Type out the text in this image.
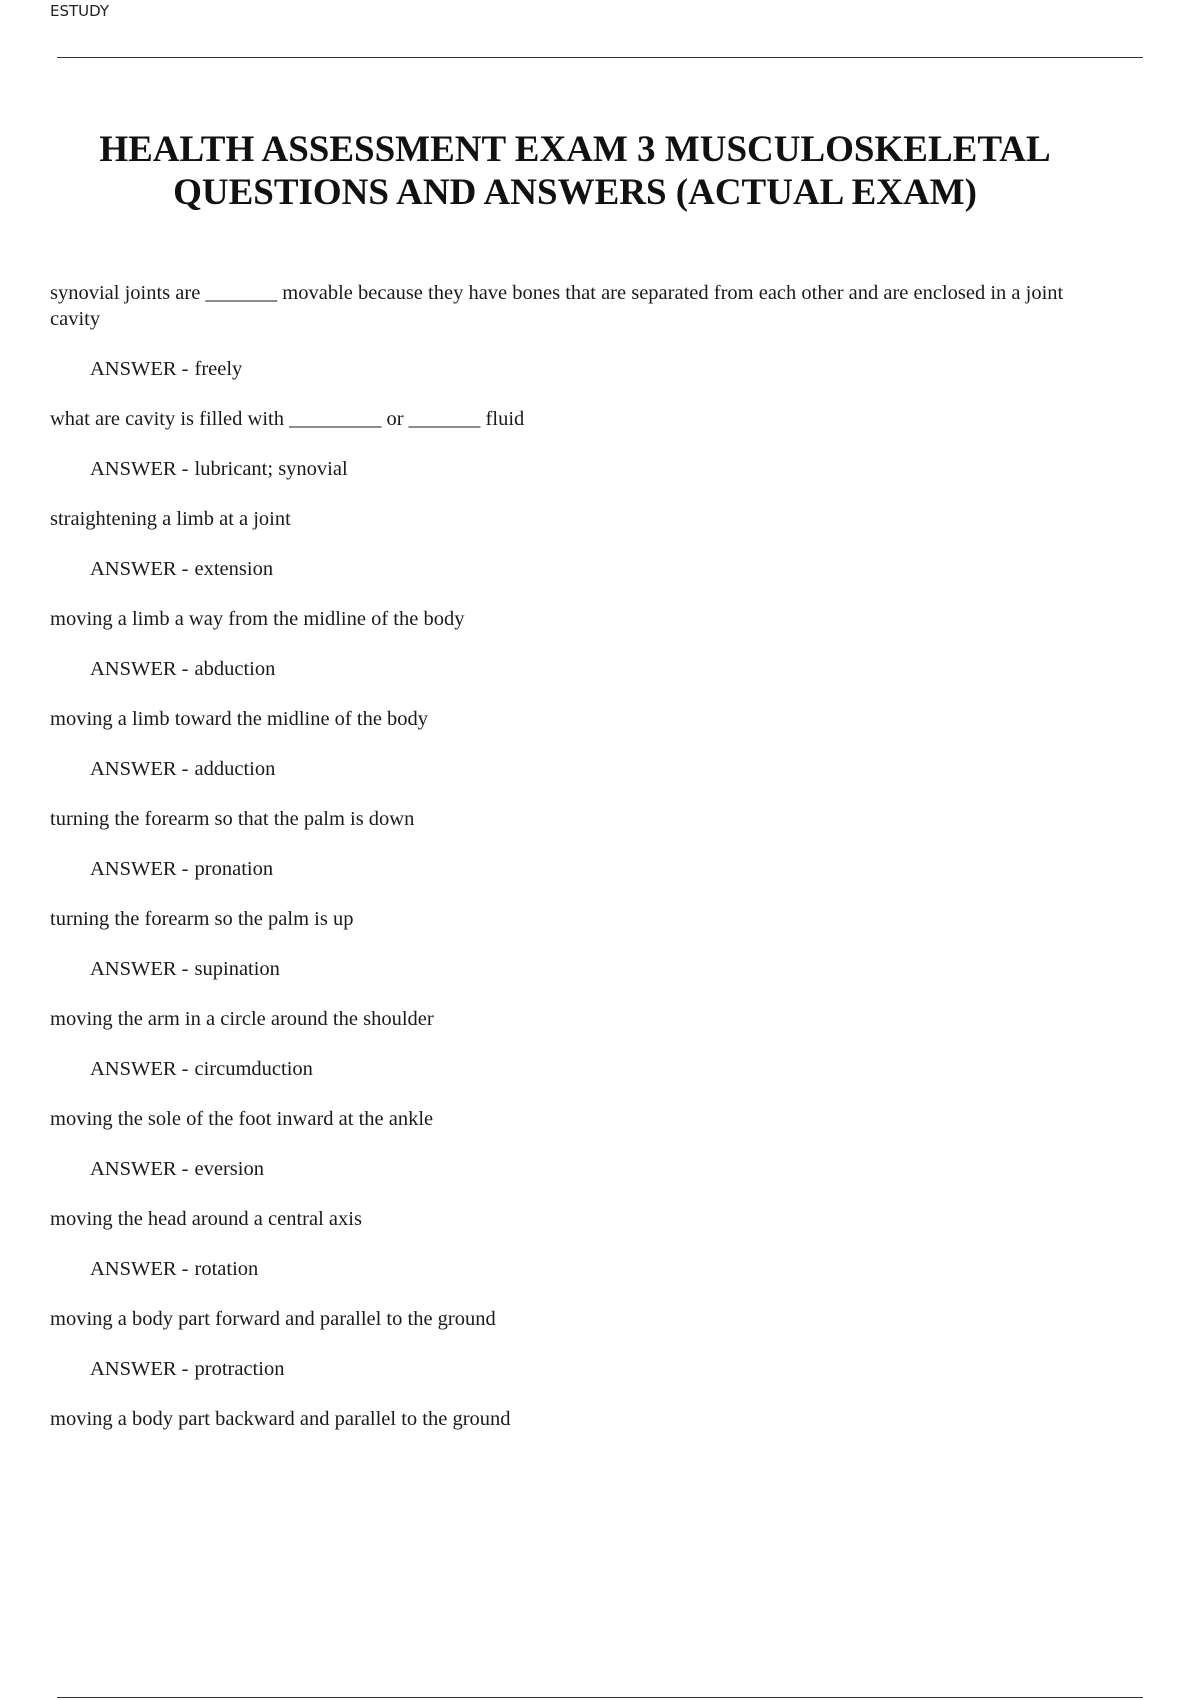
ESTUDY
HEALTH ASSESSMENT EXAM 3 MUSCULOSKELETAL
QUESTIONS AND ANSWERS (ACTUAL EXAM)

synovial joints are _______ movable because they have bones that are separated from each other and are enclosed in a joint cavity

ANSWER - freely

what are cavity is filled with _________ or _______ fluid

ANSWER - lubricant; synovial

straightening a limb at a joint

ANSWER - extension

moving a limb a way from the midline of the body

ANSWER - abduction

moving a limb toward the midline of the body

ANSWER - adduction

turning the forearm so that the palm is down

ANSWER - pronation

turning the forearm so the palm is up

ANSWER - supination

moving the arm in a circle around the shoulder

ANSWER - circumduction

moving the sole of the foot inward at the ankle

ANSWER - eversion

moving the head around a central axis

ANSWER - rotation

moving a body part forward and parallel to the ground

ANSWER - protraction

moving a body part backward and parallel to the ground
